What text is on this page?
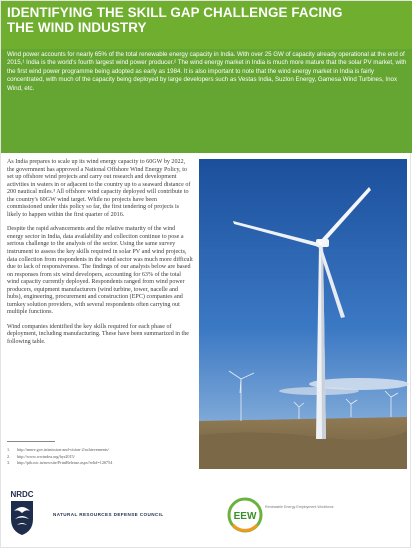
IDENTIFYING THE SKILL GAP CHALLENGE FACING
THE WIND INDUSTRY

Wind power accounts for nearly 65% of the total renewable energy capacity in India. With over 25 GW of capacity already operational at the end of 2015,¹ India is the world's fourth largest wind power producer.² The wind energy market in India is much more mature that the solar PV market, with the first wind power programme being adopted as early as 1984. It is also important to note that the wind energy market in India is fairly concentrated, with much of the capacity being deployed by large developers such as Vestas India, Suzlon Energy, Gamesa Wind Turbines, Inox Wind, etc.

As India prepares to scale up its wind energy capacity to 60GW by 2022, the government has approved a National Offshore Wind Energy Policy, to set up offshore wind projects and carry out research and development activities in waters in or adjacent to the country up to a seaward distance of 200 nautical miles.³ All offshore wind capacity deployed will contribute to the country's 60GW wind target. While no projects have been commissioned under this policy so far, the first tendering of projects is likely to happen within the first quarter of 2016.

Despite the rapid advancements and the relative maturity of the wind energy sector in India, data availability and collection continue to pose a serious challenge to the analysis of the sector. Using the same survey instrument to assess the key skills required in solar PV and wind projects, data collection from respondents in the wind sector was much more difficult due to lack of responsiveness. The findings of our analysis below are based on responses from six wind developers, accounting for 63% of the total wind capacity currently deployed. Respondents ranged from wind power producers, equipment manufacturers (wind turbine, tower, nacelle and hubs), engineering, procurement and construction (EPC) companies and turnkey solution providers, with several respondents often carrying out multiple functions.

Wind companies identified the key skills required for each phase of deployment, including manufacturing. These have been summarized in the following table.

1.	http://mnre.gov.in/mission-and-vision-2/achievements/
2.	http://www.wwindea.org/hyr2015/
3.	http://pib.nic.in/newsite/PrintRelease.aspx?relid=126754
NRDC
NATURAL RESOURCES DEFENSE COUNCIL	EEW
Renewable Energy Employment Workforce
